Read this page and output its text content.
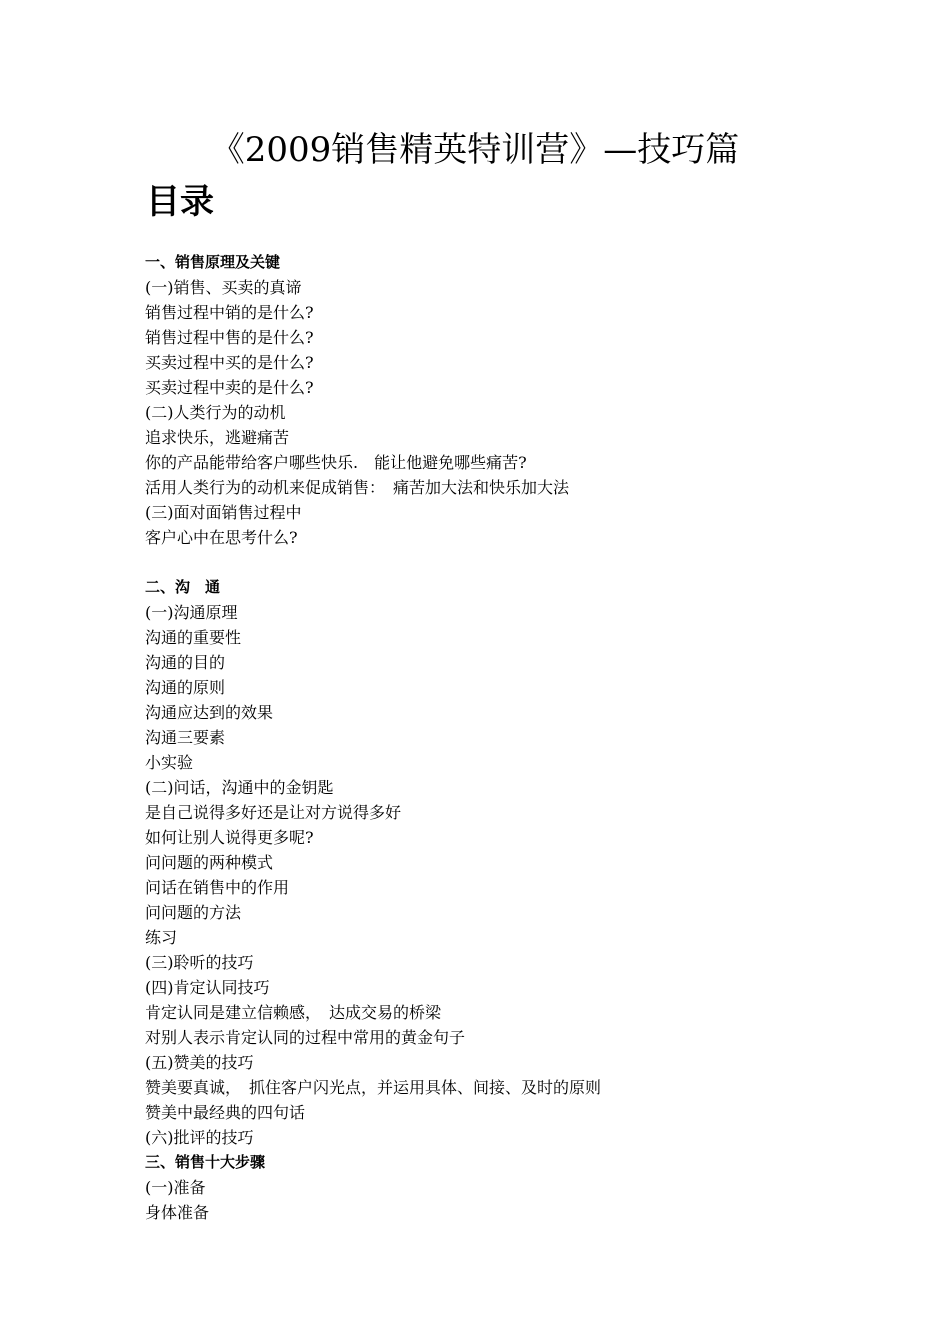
《2009销售精英特训营》—技巧篇
目录
一、销售原理及关键
(一)销售、买卖的真谛
销售过程中销的是什么?
销售过程中售的是什么?
买卖过程中买的是什么?
买卖过程中卖的是什么?
(二)人类行为的动机
追求快乐，逃避痛苦
你的产品能带给客户哪些快乐.　能让他避免哪些痛苦?
活用人类行为的动机来促成销售：　痛苦加大法和快乐加大法
(三)面对面销售过程中
客户心中在思考什么?
二、沟　通
(一)沟通原理
沟通的重要性
沟通的目的
沟通的原则
沟通应达到的效果
沟通三要素
小实验
(二)问话，沟通中的金钥匙
是自己说得多好还是让对方说得多好
如何让别人说得更多呢?
问问题的两种模式
问话在销售中的作用
问问题的方法
练习
(三)聆听的技巧
(四)肯定认同技巧
肯定认同是建立信赖感，　达成交易的桥梁
对别人表示肯定认同的过程中常用的黄金句子
(五)赞美的技巧
赞美要真诚，　抓住客户闪光点，并运用具体、间接、及时的原则
赞美中最经典的四句话
(六)批评的技巧
三、销售十大步骤
(一)准备
身体准备
